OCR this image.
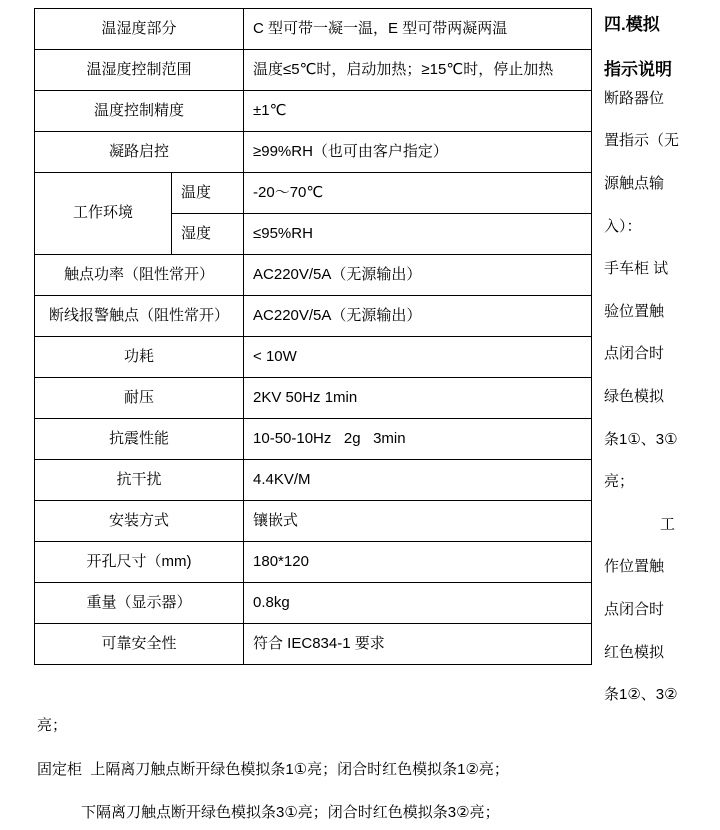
温湿度部分		C 型可带一凝一温，E 型可带两凝两温
温湿度控制范围		温度≤5℃时，启动加热；≥15℃时，停止加热
温度控制精度		±1℃
凝路启控		≥99%RH（也可由客户指定）
工作环境	温度	-20～70℃
	湿度	≤95%RH
触点功率（阻性常开）		AC220V/5A（无源输出）
断线报警触点（阻性常开）		AC220V/5A（无源输出）
功耗		< 10W
耐压		2KV 50Hz 1min
抗震性能		10-50-10Hz   2g   3min
抗干扰		4.4KV/M
安装方式		镶嵌式
开孔尺寸（mm)		180*120
重量（显示器）		0.8kg
可靠安全性		符合 IEC834-1 要求
四.模拟
指示说明
断路器位
置指示（无
源触点输
入）：
手车柜 试
验位置触
点闭合时
绿色模拟
条1①、3①
亮；
工
作位置触
点闭合时
红色模拟
条1②、3②
亮；
固定柜  上隔离刀触点断开绿色模拟条1①亮；闭合时红色模拟条1②亮；
下隔离刀触点断开绿色模拟条3①亮；闭合时红色模拟条3②亮；
